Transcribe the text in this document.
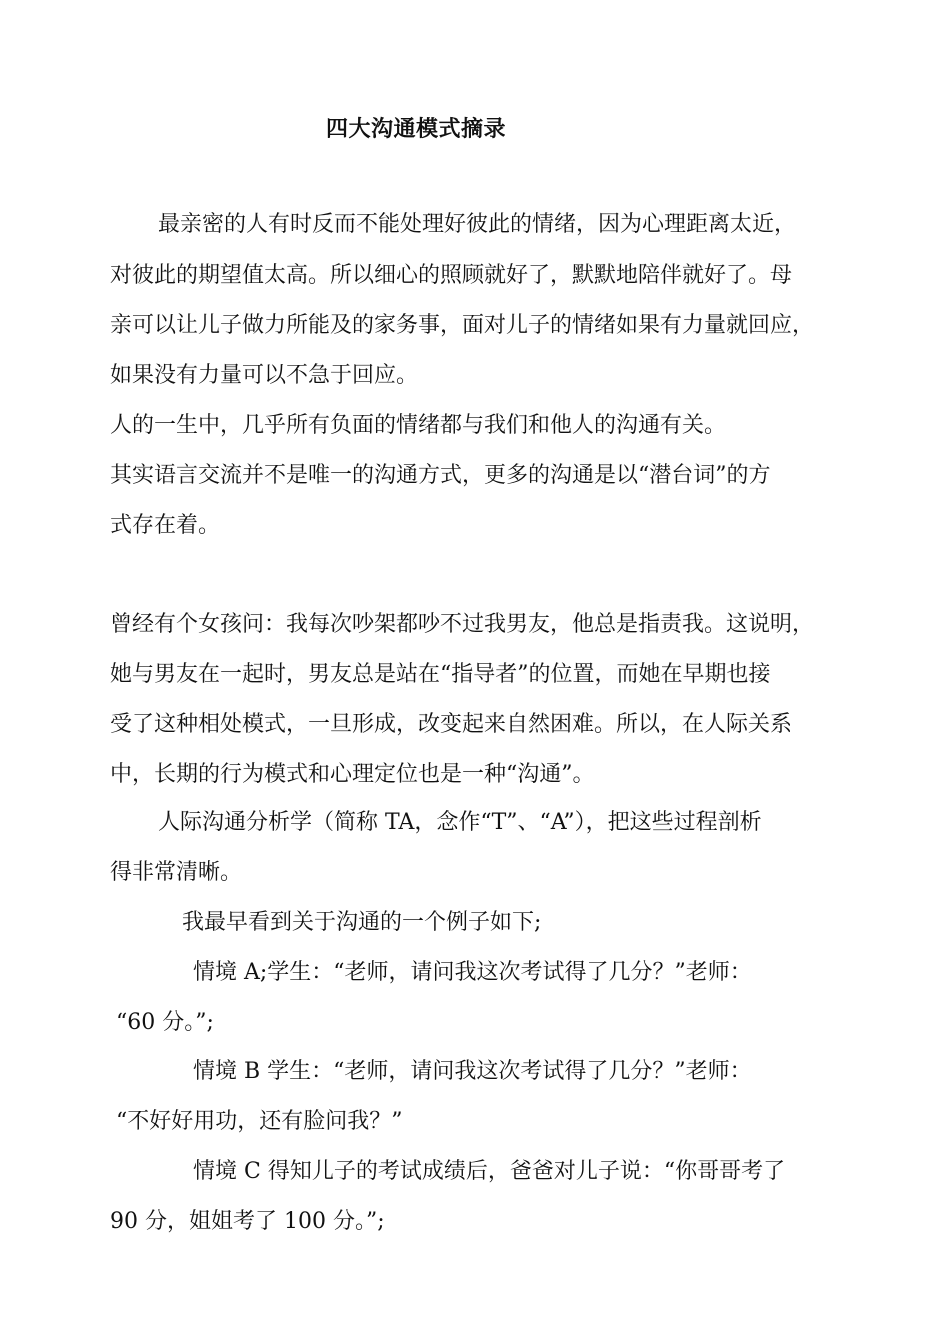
四大沟通模式摘录
最亲密的人有时反而不能处理好彼此的情绪，因为心理距离太近，
对彼此的期望值太高。所以细心的照顾就好了，默默地陪伴就好了。母
亲可以让儿子做力所能及的家务事，面对儿子的情绪如果有力量就回应，
如果没有力量可以不急于回应。
人的一生中，几乎所有负面的情绪都与我们和他人的沟通有关。
其实语言交流并不是唯一的沟通方式，更多的沟通是以“潜台词”的方
式存在着。
曾经有个女孩问：我每次吵架都吵不过我男友，他总是指责我。这说明，
她与男友在一起时，男友总是站在“指导者”的位置，而她在早期也接
受了这种相处模式，一旦形成，改变起来自然困难。所以，在人际关系
中，长期的行为模式和心理定位也是一种“沟通”。
人际沟通分析学（简称 TA，念作“T”、“A”），把这些过程剖析
得非常清晰。
我最早看到关于沟通的一个例子如下;
情境 A;学生：“老师，请问我这次考试得了几分？”老师：
“60 分。”;
情境 B 学生：“老师，请问我这次考试得了几分？”老师：
“不好好用功，还有脸问我？”
情境 C 得知儿子的考试成绩后，爸爸对儿子说：“你哥哥考了
90 分，姐姐考了 100 分。”;
